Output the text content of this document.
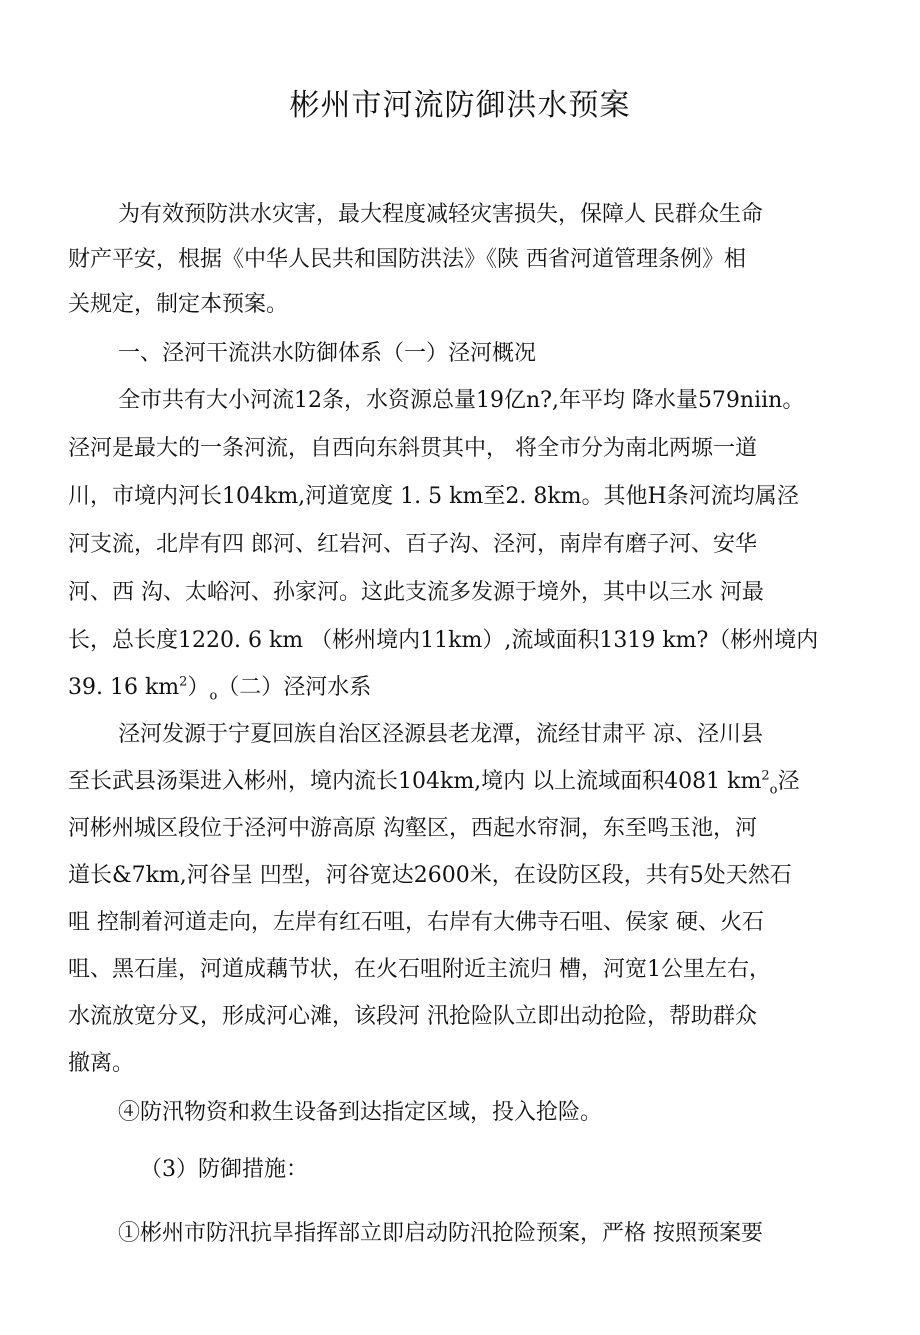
彬州市河流防御洪水预案
为有效预防洪水灾害，最大程度减轻灾害损失，保障人 民群众生命
财产平安，根据《中华人民共和国防洪法》《陕 西省河道管理条例》相
关规定，制定本预案。
一、泾河干流洪水防御体系（一）泾河概况
全市共有大小河流12条，水资源总量19亿n?,年平均 降水量579niin。
泾河是最大的一条河流，自西向东斜贯其中， 将全市分为南北两塬一道
川，市境内河长104km,河道宽度 1. 5 km至2. 8km。其他H条河流均属泾
河支流，北岸有四 郎河、红岩河、百子沟、泾河，南岸有磨子河、安华
河、西 沟、太峪河、孙家河。这此支流多发源于境外，其中以三水 河最
长，总长度1220. 6 km （彬州境内11km）,流域面积1319 km?（彬州境内
39. 16 $km^2)_o$（二）泾河水系
泾河发源于宁夏回族自治区泾源县老龙潭，流经甘肃平 凉、泾川县
至长武县汤渠进入彬州，境内流长104km,境内 以上流域面积4081 $km^2_o$泾
河彬州城区段位于泾河中游高原 沟壑区，西起水帘洞，东至鸣玉池，河
道长&7km,河谷呈 凹型，河谷宽达2600米，在设防区段，共有5处天然石
咀 控制着河道走向，左岸有红石咀，右岸有大佛寺石咀、侯家 硬、火石
咀、黑石崖，河道成藕节状，在火石咀附近主流归 槽，河宽1公里左右，
水流放宽分叉，形成河心滩，该段河 汛抢险队立即出动抢险，帮助群众
撤离。
④防汛物资和救生设备到达指定区域，投入抢险。
（3）防御措施：
①彬州市防汛抗旱指挥部立即启动防汛抢险预案，严格 按照预案要
